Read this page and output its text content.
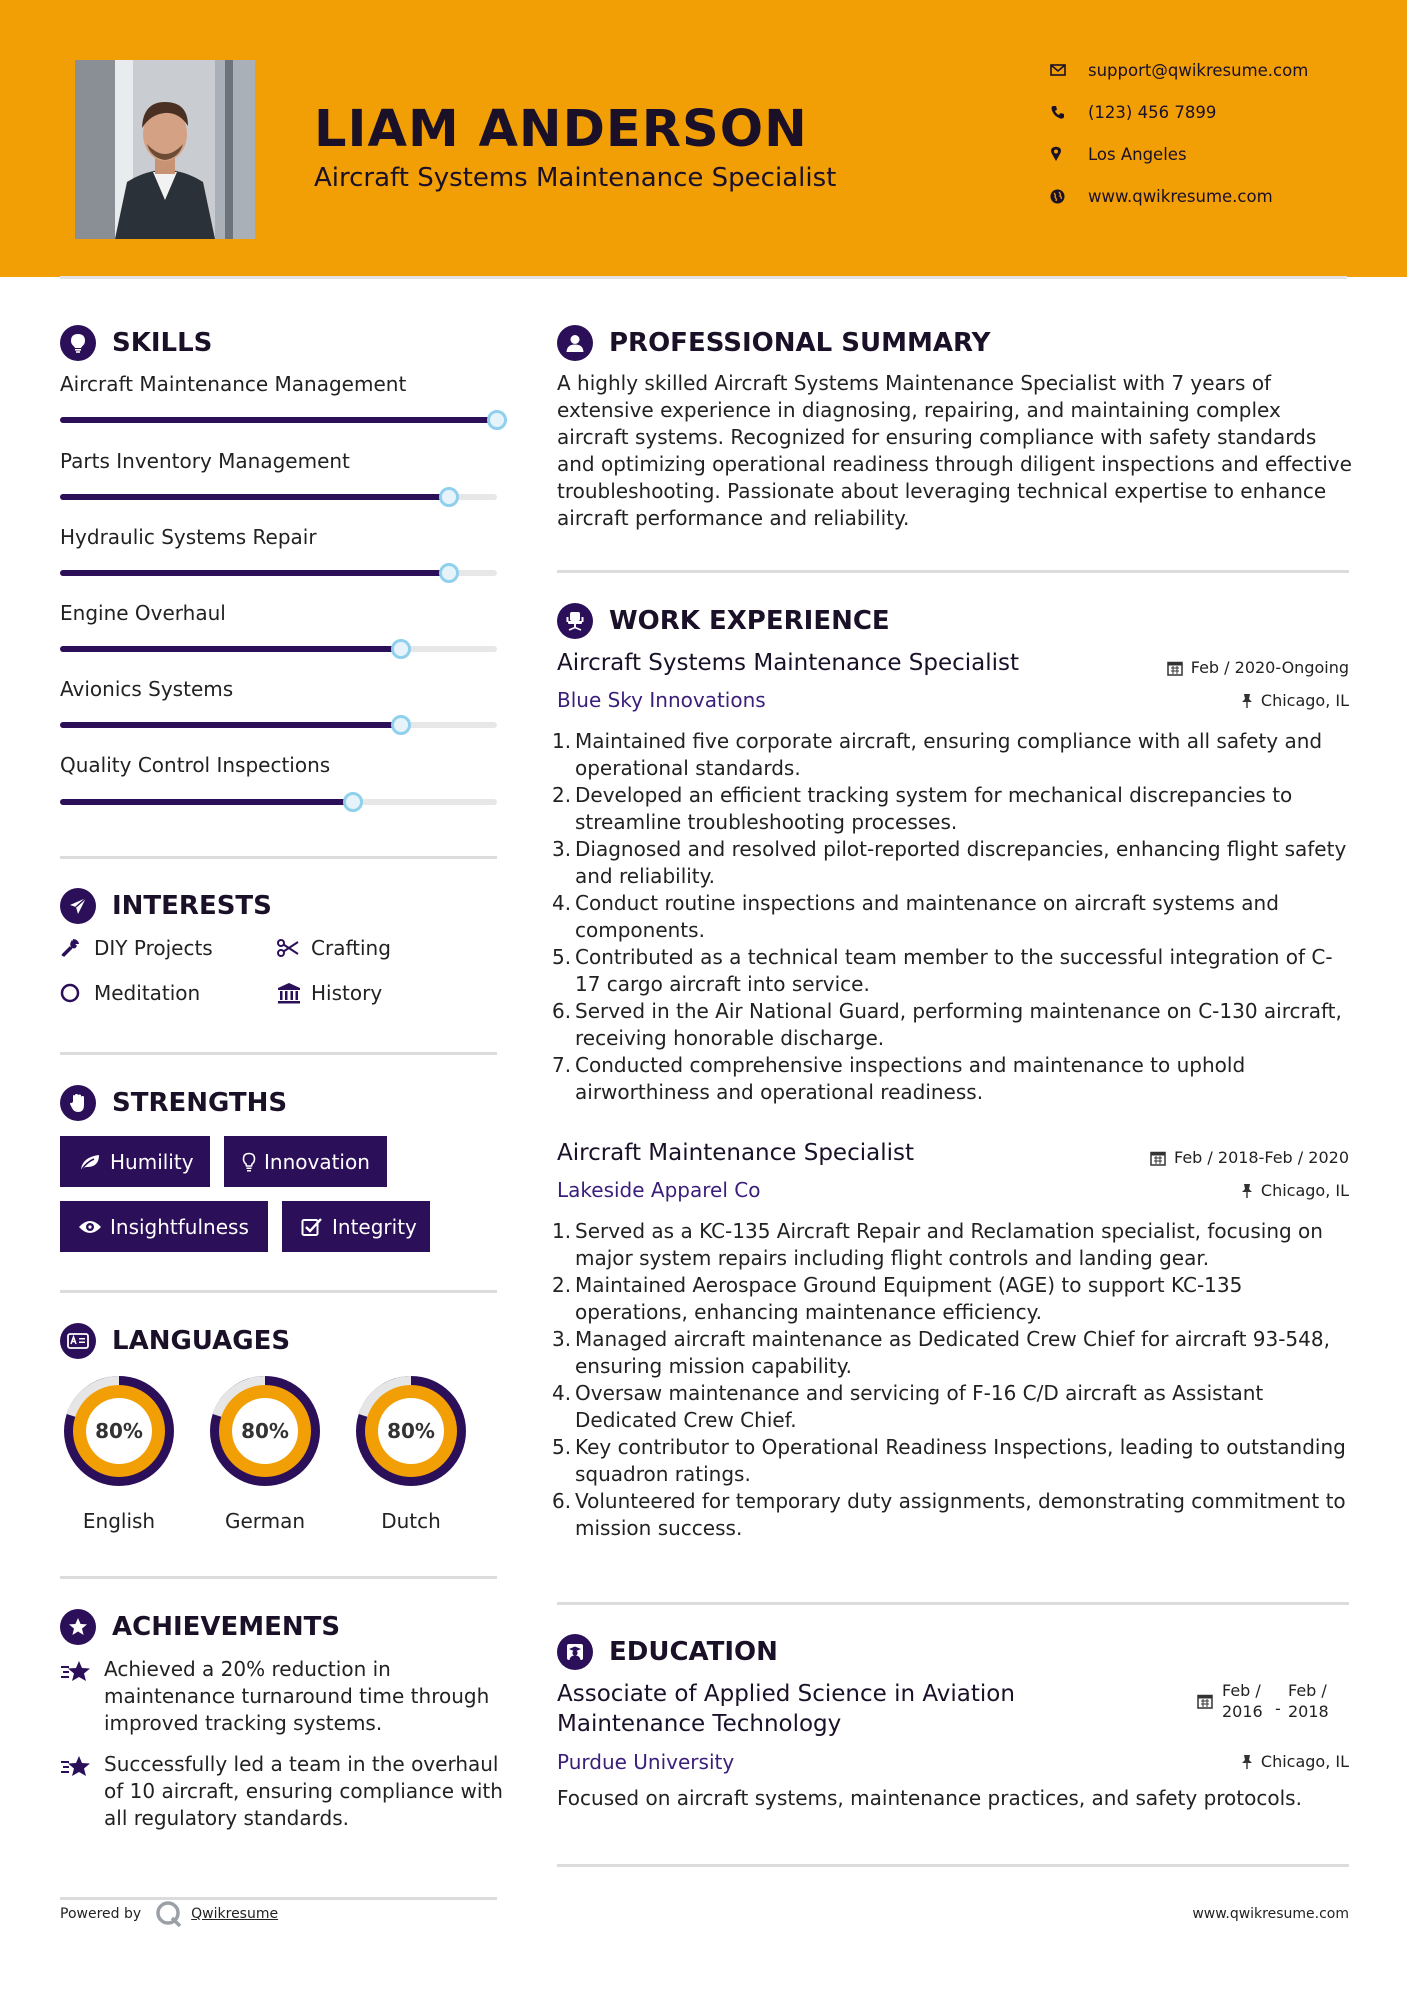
LIAM ANDERSON
Aircraft Systems Maintenance Specialist
support@qwikresume.com
(123) 456 7899
Los Angeles
www.qwikresume.com
SKILLS
Aircraft Maintenance Management
Parts Inventory Management
Hydraulic Systems Repair
Engine Overhaul
Avionics Systems
Quality Control Inspections
INTERESTS
DIY Projects	Crafting
Meditation	History
STRENGTHS
Humility	Innovation
Insightfulness	Integrity
LANGUAGES
80%
English
80%
German
80%
Dutch
ACHIEVEMENTS
Achieved a 20% reduction in maintenance turnaround time through improved tracking systems.
Successfully led a team in the overhaul of 10 aircraft, ensuring compliance with all regulatory standards.
PROFESSIONAL SUMMARY
A highly skilled Aircraft Systems Maintenance Specialist with 7 years of extensive experience in diagnosing, repairing, and maintaining complex aircraft systems. Recognized for ensuring compliance with safety standards and optimizing operational readiness through diligent inspections and effective troubleshooting. Passionate about leveraging technical expertise to enhance aircraft performance and reliability.
WORK EXPERIENCE
Aircraft Systems Maintenance Specialist	Feb / 2020-Ongoing
Blue Sky Innovations	Chicago, IL
Maintained five corporate aircraft, ensuring compliance with all safety and operational standards.
Developed an efficient tracking system for mechanical discrepancies to streamline troubleshooting processes.
Diagnosed and resolved pilot-reported discrepancies, enhancing flight safety and reliability.
Conduct routine inspections and maintenance on aircraft systems and components.
Contributed as a technical team member to the successful integration of C-17 cargo aircraft into service.
Served in the Air National Guard, performing maintenance on C-130 aircraft, receiving honorable discharge.
Conducted comprehensive inspections and maintenance to uphold airworthiness and operational readiness.
Aircraft Maintenance Specialist	Feb / 2018-Feb / 2020
Lakeside Apparel Co	Chicago, IL
Served as a KC-135 Aircraft Repair and Reclamation specialist, focusing on major system repairs including flight controls and landing gear.
Maintained Aerospace Ground Equipment (AGE) to support KC-135 operations, enhancing maintenance efficiency.
Managed aircraft maintenance as Dedicated Crew Chief for aircraft 93-548, ensuring mission capability.
Oversaw maintenance and servicing of F-16 C/D aircraft as Assistant Dedicated Crew Chief.
Key contributor to Operational Readiness Inspections, leading to outstanding squadron ratings.
Volunteered for temporary duty assignments, demonstrating commitment to mission success.
EDUCATION
Associate of Applied Science in Aviation
Maintenance Technology
Feb /
2016 -
Feb /
2018
Purdue University	Chicago, IL
Focused on aircraft systems, maintenance practices, and safety protocols.
Powered by	Qwikresume	www.qwikresume.com
